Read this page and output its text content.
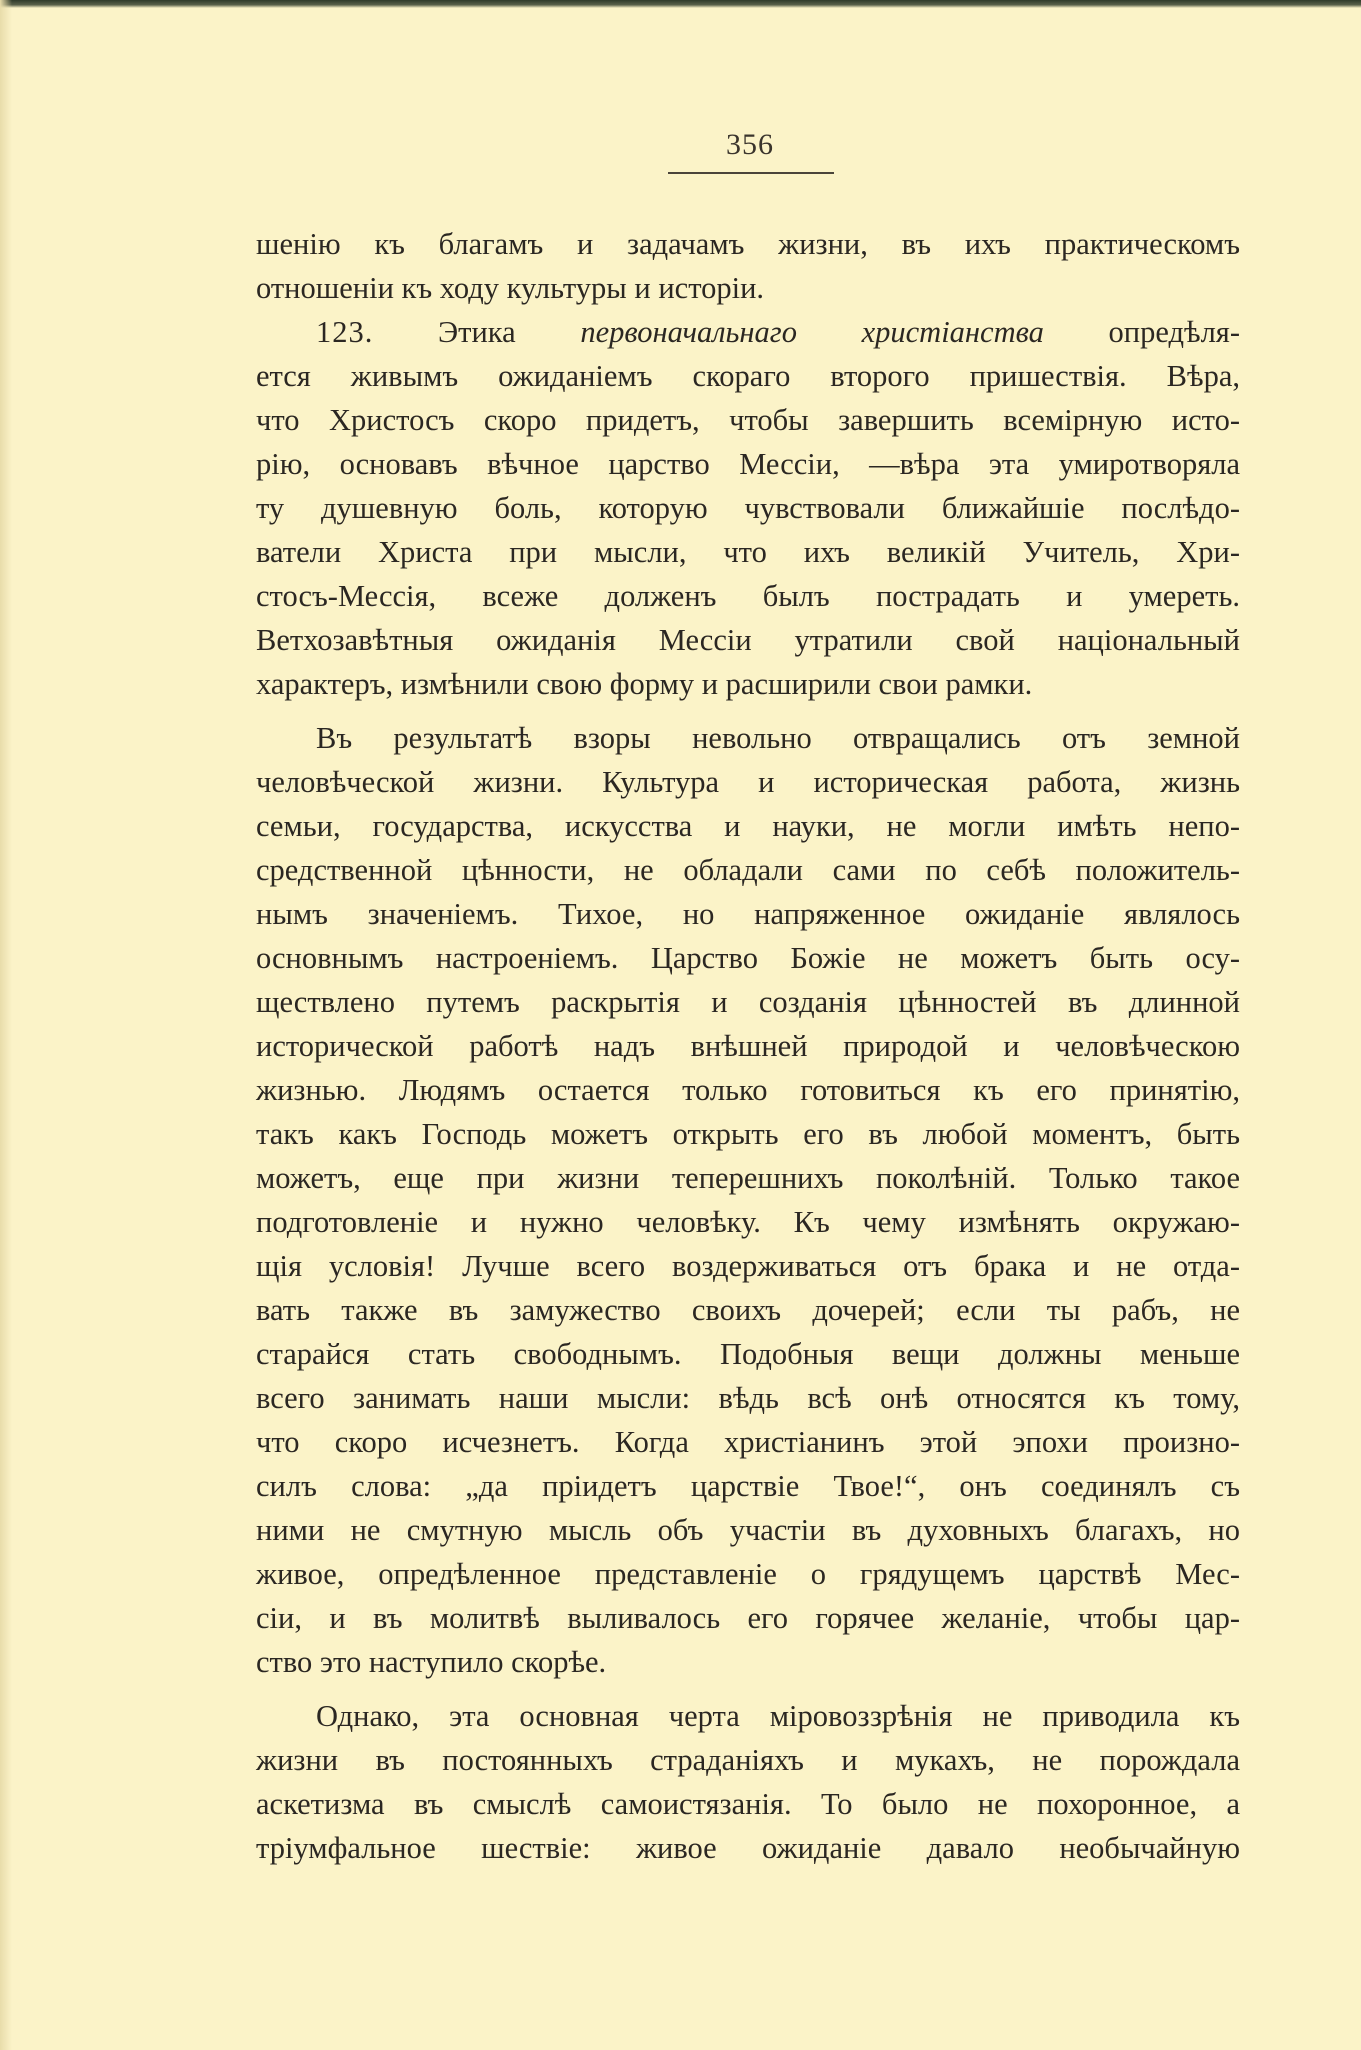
356
шенію къ благамъ и задачамъ жизни, въ ихъ практическомъ
отношеніи къ ходу культуры и исторіи.
123. Этика первоначальнаго христіанства опредѣля-
ется живымъ ожиданіемъ скораго второго пришествія. Вѣра,
что Христосъ скоро придетъ, чтобы завершить всемірную исто-
рію, основавъ вѣчное царство Мессіи, —вѣра эта умиротворяла
ту душевную боль, которую чувствовали ближайшіе послѣдо-
ватели Христа при мысли, что ихъ великій Учитель, Хри-
стосъ-Мессія, всеже долженъ былъ пострадать и умереть.
Ветхозавѣтныя ожиданія Мессіи утратили свой національный
характеръ, измѣнили свою форму и расширили свои рамки.
Въ результатѣ взоры невольно отвращались отъ земной
человѣческой жизни. Культура и историческая работа, жизнь
семьи, государства, искусства и науки, не могли имѣть непо-
средственной цѣнности, не обладали сами по себѣ положитель-
нымъ значеніемъ. Тихое, но напряженное ожиданіе являлось
основнымъ настроеніемъ. Царство Божіе не можетъ быть осу-
ществлено путемъ раскрытія и созданія цѣнностей въ длинной
исторической работѣ надъ внѣшней природой и человѣческою
жизнью. Людямъ остается только готовиться къ его принятію,
такъ какъ Господь можетъ открыть его въ любой моментъ, быть
можетъ, еще при жизни теперешнихъ поколѣній. Только такое
подготовленіе и нужно человѣку. Къ чему измѣнять окружаю-
щія условія! Лучше всего воздерживаться отъ брака и не отда-
вать также въ замужество своихъ дочерей; если ты рабъ, не
старайся стать свободнымъ. Подобныя вещи должны меньше
всего занимать наши мысли: вѣдь всѣ онѣ относятся къ тому,
что скоро исчезнетъ. Когда христіанинъ этой эпохи произно-
силъ слова: „да пріидетъ царствіе Твое!“, онъ соединялъ съ
ними не смутную мысль объ участіи въ духовныхъ благахъ, но
живое, опредѣленное представленіе о грядущемъ царствѣ Мес-
сіи, и въ молитвѣ выливалось его горячее желаніе, чтобы цар-
ство это наступило скорѣе.
Однако, эта основная черта міровоззрѣнія не приводила къ
жизни въ постоянныхъ страданіяхъ и мукахъ, не порождала
аскетизма въ смыслѣ самоистязанія. То было не похоронное, а
тріумфальное шествіе: живое ожиданіе давало необычайную
